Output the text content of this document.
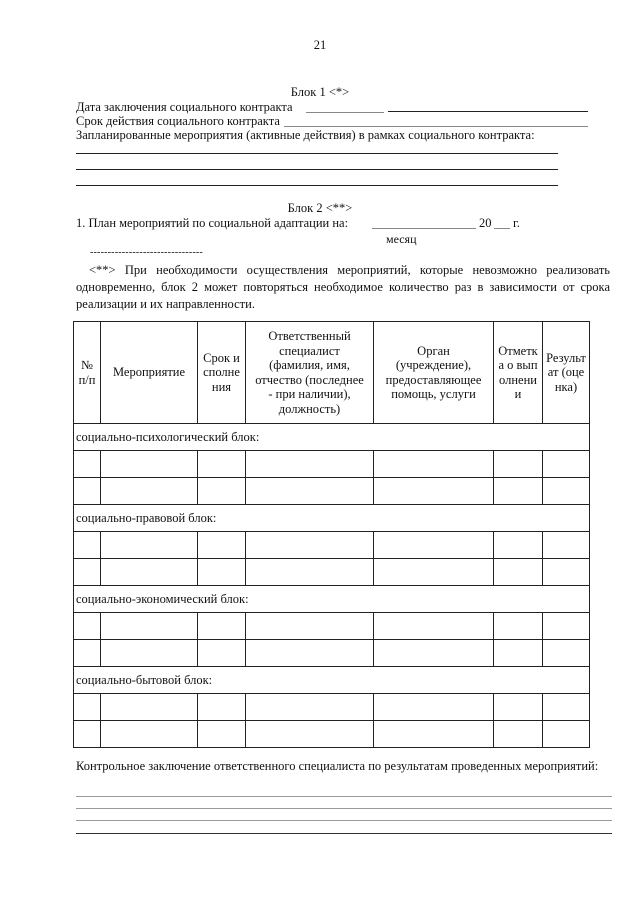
21
Блок 1 <*>
Дата заключения социального контракта
Срок действия социального контракта
Запланированные мероприятия (активные действия) в рамках социального контракта:
Блок 2 <**>
1. План мероприятий по социальной адаптации на:	20 г.
месяц
--------------------------------
<**> При необходимости осуществления мероприятий, которые невозможно реализовать одновременно, блок 2 может повторяться необходимое количество раз в зависимости от срока реализации и их направленности.
№ п/п	Мероприятие	Срок исполнения	Ответственный специалист (фамилия, имя, отчество (последнее - при наличии), должность)	Орган (учреждение), предоставляющее помощь, услуги	Отметка о выполнении	Результат (оценка)
социально-психологический блок:						

социально-правовой блок:						

социально-экономический блок:						

социально-бытовой блок:						

Контрольное заключение ответственного специалиста по результатам проведенных мероприятий:
